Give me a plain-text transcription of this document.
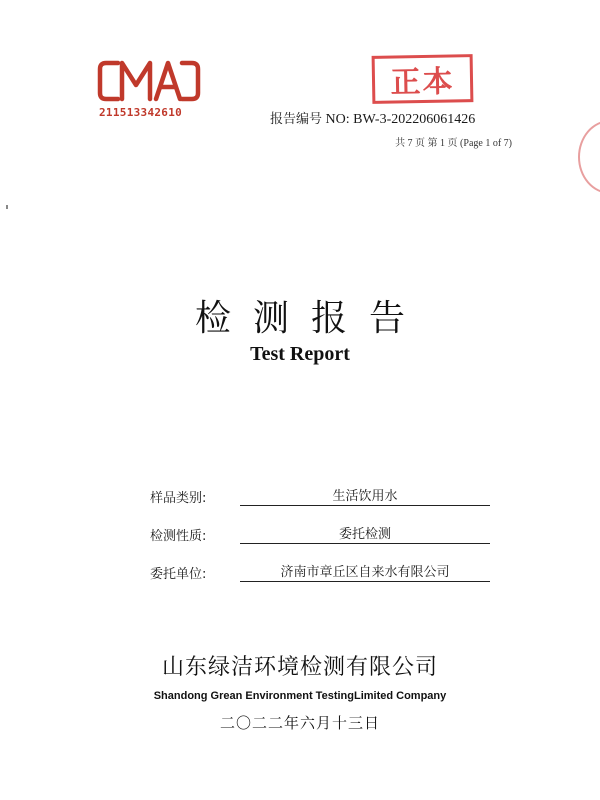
211513342610
正本
报告编号 NO: BW-3-202206061426
共 7 页 第 1 页 (Page 1 of 7)
检测报告
Test Report
样品类别:	生活饮用水
检测性质:	委托检测
委托单位:	济南市章丘区自来水有限公司
山东绿洁环境检测有限公司
Shandong Grean Environment TestingLimited Company
二〇二二年六月十三日
